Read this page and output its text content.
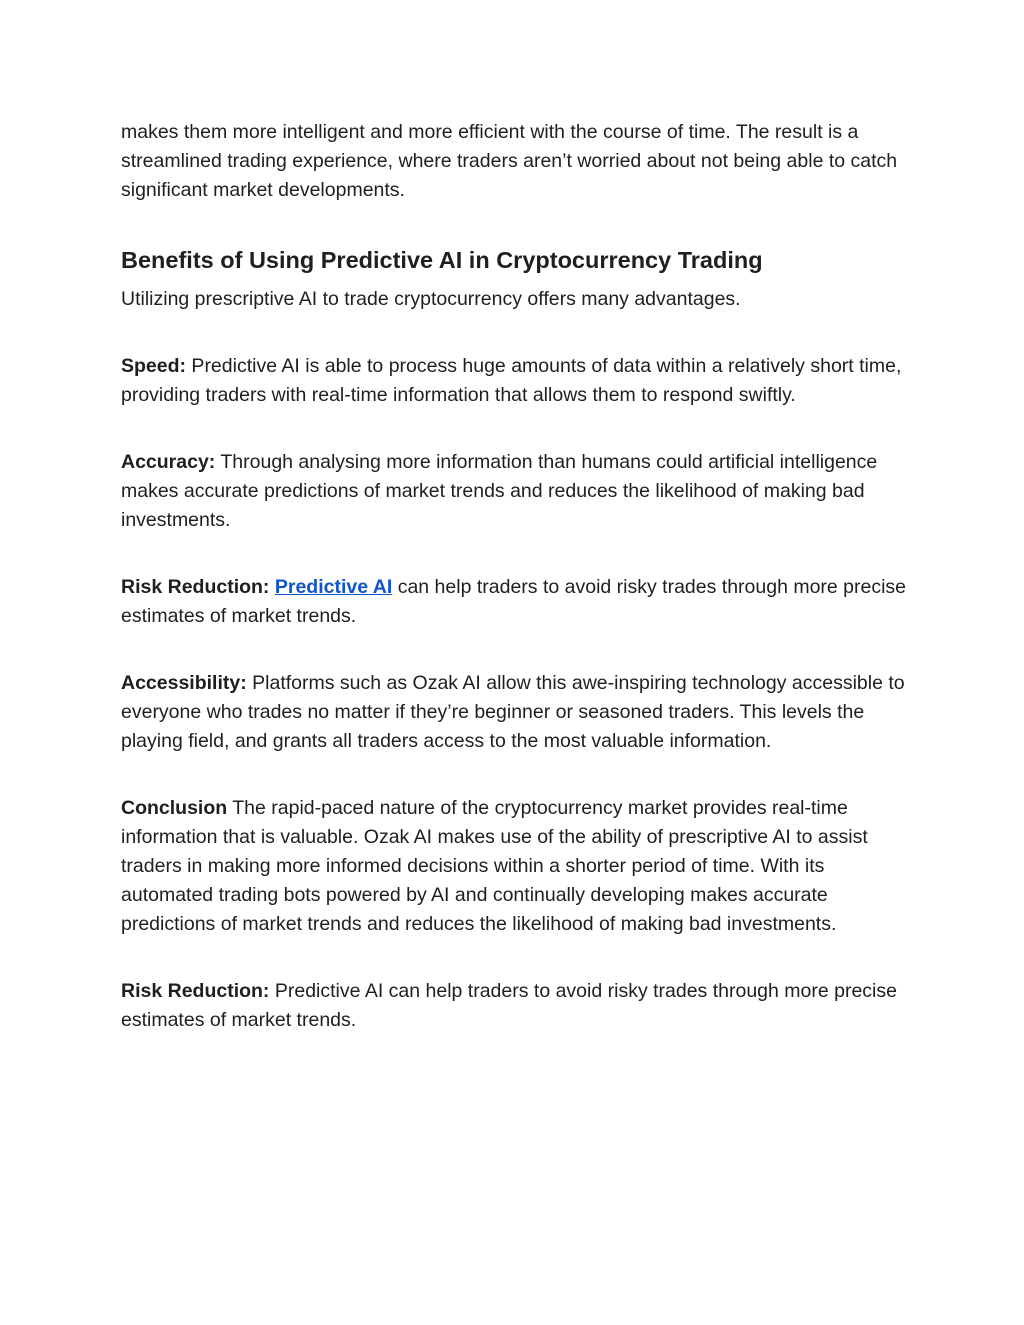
makes them more intelligent and more efficient with the course of time. The result is a streamlined trading experience, where traders aren’t worried about not being able to catch significant market developments.

Benefits of Using Predictive AI in Cryptocurrency Trading

Utilizing prescriptive AI to trade cryptocurrency offers many advantages.

Speed: Predictive AI is able to process huge amounts of data within a relatively short time, providing traders with real-time information that allows them to respond swiftly.

Accuracy: Through analysing more information than humans could artificial intelligence makes accurate predictions of market trends and reduces the likelihood of making bad investments.

Risk Reduction: Predictive AI can help traders to avoid risky trades through more precise estimates of market trends.

Accessibility: Platforms such as Ozak AI allow this awe-inspiring technology accessible to everyone who trades no matter if they’re beginner or seasoned traders. This levels the playing field, and grants all traders access to the most valuable information.

Conclusion The rapid-paced nature of the cryptocurrency market provides real-time information that is valuable. Ozak AI makes use of the ability of prescriptive AI to assist traders in making more informed decisions within a shorter period of time. With its automated trading bots powered by AI and continually developing makes accurate predictions of market trends and reduces the likelihood of making bad investments.

Risk Reduction: Predictive AI can help traders to avoid risky trades through more precise estimates of market trends.
